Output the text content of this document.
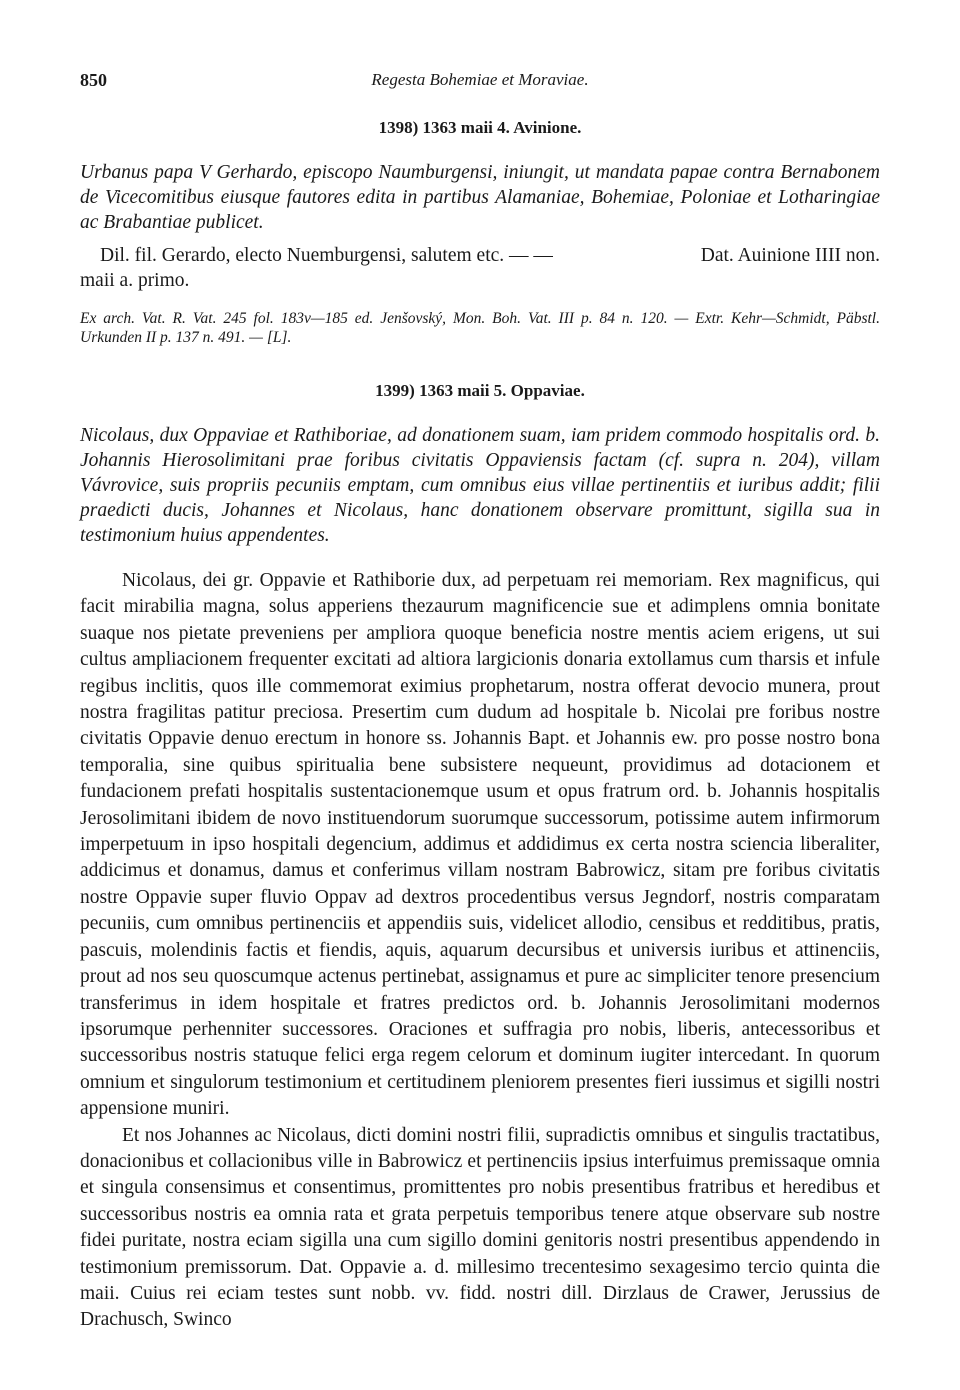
850	Regesta Bohemiae et Moraviae.

1398) 1363 maii 4. Avinione.

Urbanus papa V Gerhardo, episcopo Naumburgensi, iniungit, ut mandata papae contra Bernabonem de Vicecomitibus eiusque fautores edita in partibus Alamaniae, Bohemiae, Poloniae et Lotharingiae ac Brabantiae publicet.

Dil. fil. Gerardo, electo Nuemburgensi, salutem etc. — —	Dat. Auinione IIII non.
maii a. primo.

Ex arch. Vat. R. Vat. 245 fol. 183v—185 ed. Jenšovský, Mon. Boh. Vat. III p. 84 n. 120. — Extr. Kehr—Schmidt, Päbstl. Urkunden II p. 137 n. 491. — [L].

1399) 1363 maii 5. Oppaviae.

Nicolaus, dux Oppaviae et Rathiboriae, ad donationem suam, iam pridem commodo hospitalis ord. b. Johannis Hierosolimitani prae foribus civitatis Oppaviensis factam (cf. supra n. 204), villam Vávrovice, suis propriis pecuniis emptam, cum omnibus eius villae pertinentiis et iuribus addit; filii praedicti ducis, Johannes et Nicolaus, hanc donationem observare promittunt, sigilla sua in testimonium huius appendentes.

Nicolaus, dei gr. Oppavie et Rathiborie dux, ad perpetuam rei memoriam. Rex magnificus, qui facit mirabilia magna, solus apperiens thezaurum magnificencie sue et adimplens omnia bonitate suaque nos pietate preveniens per ampliora quoque beneficia nostre mentis aciem erigens, ut sui cultus ampliacionem frequenter excitati ad altiora largicionis donaria extollamus cum tharsis et infule regibus inclitis, quos ille commemorat eximius prophetarum, nostra offerat devocio munera, prout nostra fragilitas patitur preciosa. Presertim cum dudum ad hospitale b. Nicolai pre foribus nostre civitatis Oppavie denuo erectum in honore ss. Johannis Bapt. et Johannis ew. pro posse nostro bona temporalia, sine quibus spiritualia bene subsistere nequeunt, providimus ad dotacionem et fundacionem prefati hospitalis sustentacionemque usum et opus fratrum ord. b. Johannis hospitalis Jerosolimitani ibidem de novo instituendorum suorumque successorum, potissime autem infirmorum imperpetuum in ipso hospitali degencium, addimus et addidimus ex certa nostra sciencia liberaliter, addicimus et donamus, damus et conferimus villam nostram Babrowicz, sitam pre foribus civitatis nostre Oppavie super fluvio Oppav ad dextros procedentibus versus Jegndorf, nostris comparatam pecuniis, cum omnibus pertinenciis et appendiis suis, videlicet allodio, censibus et redditibus, pratis, pascuis, molendinis factis et fiendis, aquis, aquarum decursibus et universis iuribus et attinenciis, prout ad nos seu quoscumque actenus pertinebat, assignamus et pure ac simpliciter tenore presencium transferimus in idem hospitale et fratres predictos ord. b. Johannis Jerosolimitani modernos ipsorumque perhenniter successores. Oraciones et suffragia pro nobis, liberis, antecessoribus et successoribus nostris statuque felici erga regem celorum et dominum iugiter intercedant. In quorum omnium et singulorum testimonium et certitudinem pleniorem presentes fieri iussimus et sigilli nostri appensione muniri.

Et nos Johannes ac Nicolaus, dicti domini nostri filii, supradictis omnibus et singulis tractatibus, donacionibus et collacionibus ville in Babrowicz et pertinenciis ipsius interfuimus premissaque omnia et singula consensimus et consentimus, promittentes pro nobis presentibus fratribus et heredibus et successoribus nostris ea omnia rata et grata perpetuis temporibus tenere atque observare sub nostre fidei puritate, nostra eciam sigilla una cum sigillo domini genitoris nostri presentibus appendendo in testimonium premissorum. Dat. Oppavie a. d. millesimo trecentesimo sexagesimo tercio quinta die maii. Cuius rei eciam testes sunt nobb. vv. fidd. nostri dill. Dirzlaus de Crawer, Jerussius de Drachusch, Swinco
